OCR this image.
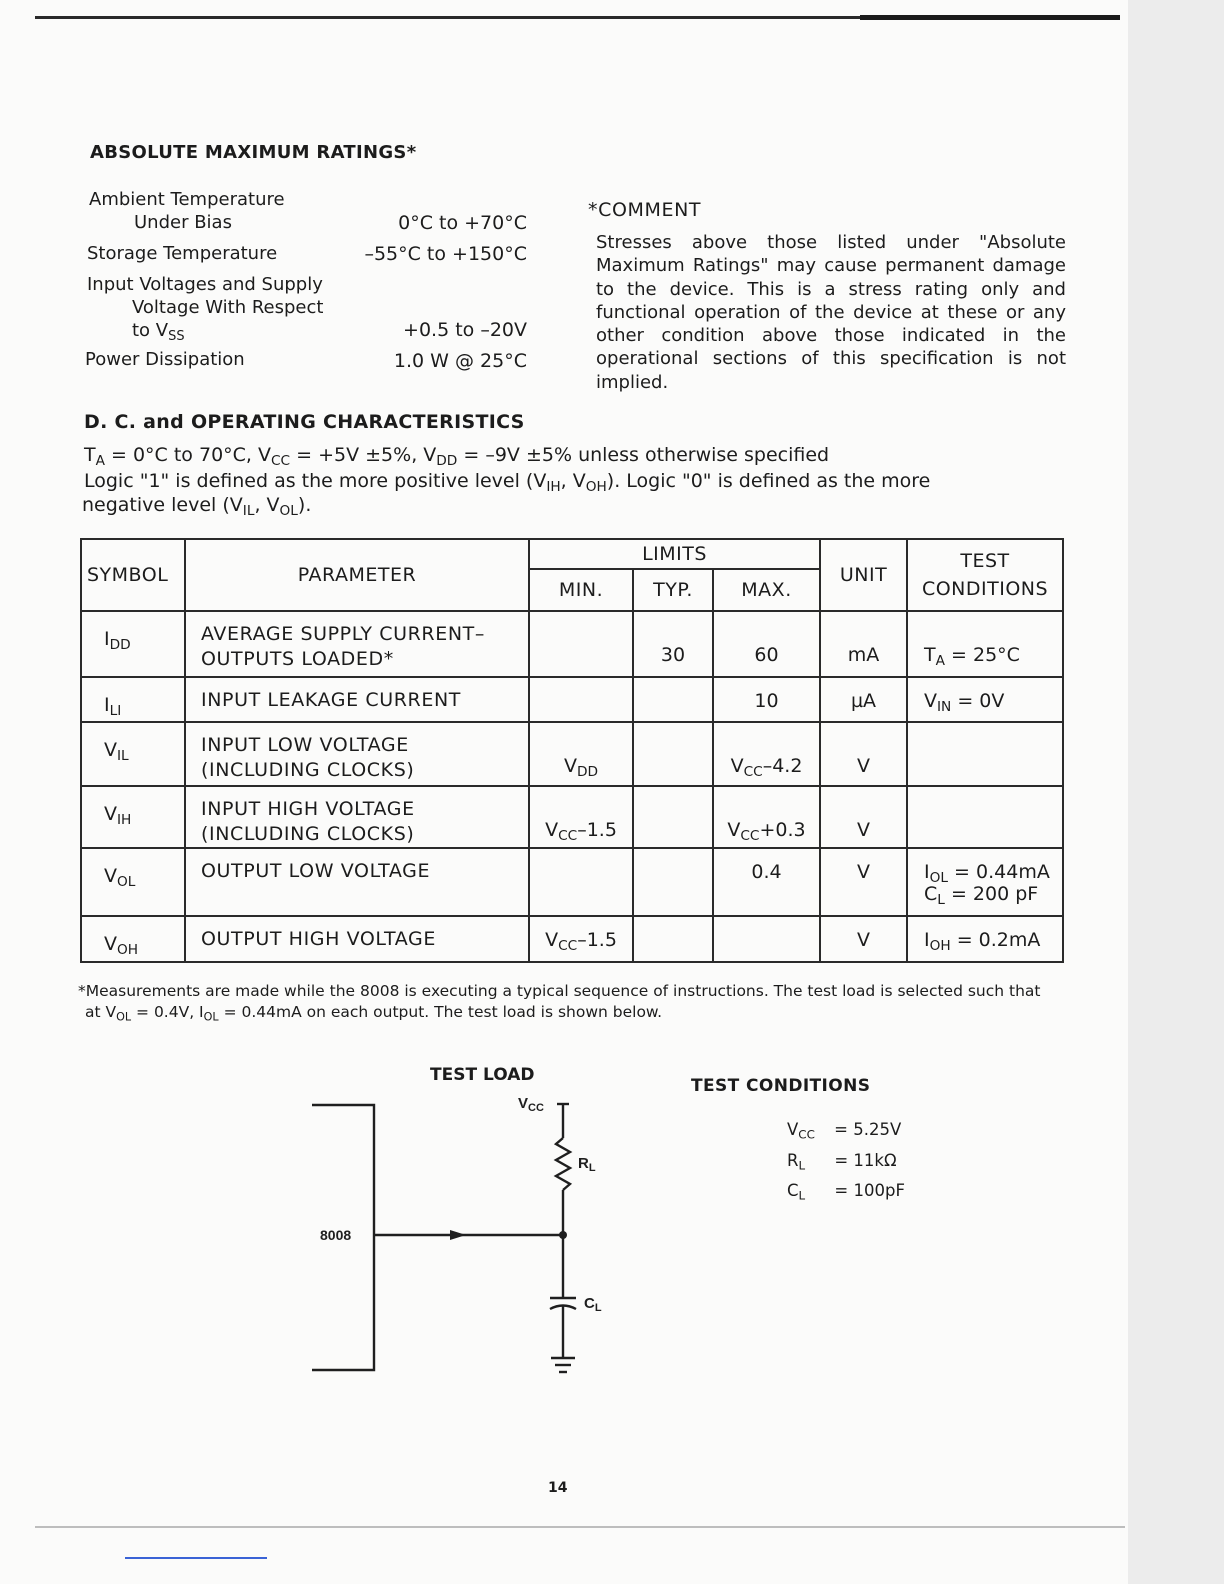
ABSOLUTE MAXIMUM RATINGS*
Ambient Temperature
Under Bias	0°C to +70°C
Storage Temperature	–55°C to +150°C
Input Voltages and Supply
Voltage With Respect
to $V_{SS}$	+0.5 to –20V
Power Dissipation	1.0 W @ 25°C
*COMMENT
Stresses above those listed under "Absolute Maximum Ratings" may cause permanent damage to the device. This is a stress rating only and functional operation of the device at these or any other condition above those indicated in the operational sections of this specification is not implied.
D. C. and OPERATING CHARACTERISTICS
$T_A = 0^\circ C$ to 70°C, $V_{CC} = +5V \pm 5\%$, $V_{DD} = -9V \pm 5\%$ unless otherwise specified
Logic "1" is defined as the more positive level ($V_{IH}$, $V_{OH}$). Logic "0" is defined as the more
negative level ($V_{IL}$, $V_{OL}$).
SYMBOL	PARAMETER	LIMITS			UNIT	TEST
CONDITIONS

		MIN.	TYP.	MAX.		
$I_{DD}$	AVERAGE SUPPLY CURRENT–
OUTPUTS LOADED*		30	60	mA	$T_A = 25^\circ C$

$I_{LI}$	INPUT LEAKAGE CURRENT			10	µA	$V_{IN} = 0V$

$V_{IL}$	INPUT LOW VOLTAGE
(INCLUDING CLOCKS)	$V_{DD}$		$V_{CC}-4.2$	V	

$V_{IH}$	INPUT HIGH VOLTAGE
(INCLUDING CLOCKS)	$V_{CC}-1.5$		$V_{CC}+0.3$	V	

$V_{OL}$	OUTPUT LOW VOLTAGE			0.4	V	$I_{OL} = 0.44mA$
$C_L = 200$ pF

$V_{OH}$	OUTPUT HIGH VOLTAGE	$V_{CC}-1.5$			V	$I_{OH} = 0.2mA$
*Measurements are made while the 8008 is executing a typical sequence of instructions. The test load is selected such that
at $V_{OL} = 0.4V$, $I_{OL} = 0.44mA$ on each output. The test load is shown below.
TEST LOAD
8008
$V_{CC}$
$R_L$
$C_L$
TEST CONDITIONS
$V_{CC} = 5.25V$
$R_L = 11k\Omega$
$C_L = 100pF$
14
